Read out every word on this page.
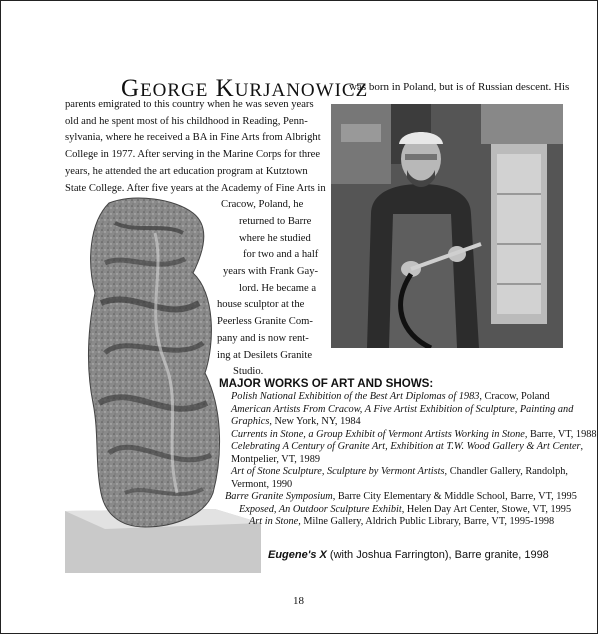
GEORGE KURJANOWICZ
was born in Poland, but is of Russian descent. His
parents emigrated to this country when he was seven years
old and he spent most of his childhood in Reading, Penn-
sylvania, where he received a BA in Fine Arts from Albright
College in 1977. After serving in the Marine Corps for three
years, he attended the art education program at Kutztown
State College. After five years at the Academy of Fine Arts in
Cracow, Poland, he
returned to Barre
where he studied
for two and a half
years with Frank Gay-
lord. He became a
house sculptor at the
Peerless Granite Com-
pany and is now rent-
ing at Desilets Granite
Studio.
MAJOR WORKS OF ART AND SHOWS:
Polish National Exhibition of the Best Art Diplomas of 1983, Cracow, Poland
American Artists From Cracow, A Five Artist Exhibition of Sculpture, Painting and
Graphics, New York, NY, 1984
Currents in Stone, a Group Exhibit of Vermont Artists Working in Stone, Barre, VT, 1988
Celebrating A Century of Granite Art, Exhibition at T.W. Wood Gallery & Art Center,
Montpelier, VT, 1989
Art of Stone Sculpture, Sculpture by Vermont Artists, Chandler Gallery, Randolph,
Vermont, 1990
Barre Granite Symposium, Barre City Elementary & Middle School, Barre, VT, 1995
Exposed, An Outdoor Sculpture Exhibit, Helen Day Art Center, Stowe, VT, 1995
Art in Stone, Milne Gallery, Aldrich Public Library, Barre, VT, 1995-1998
Eugene's X (with Joshua Farrington), Barre granite, 1998
18
